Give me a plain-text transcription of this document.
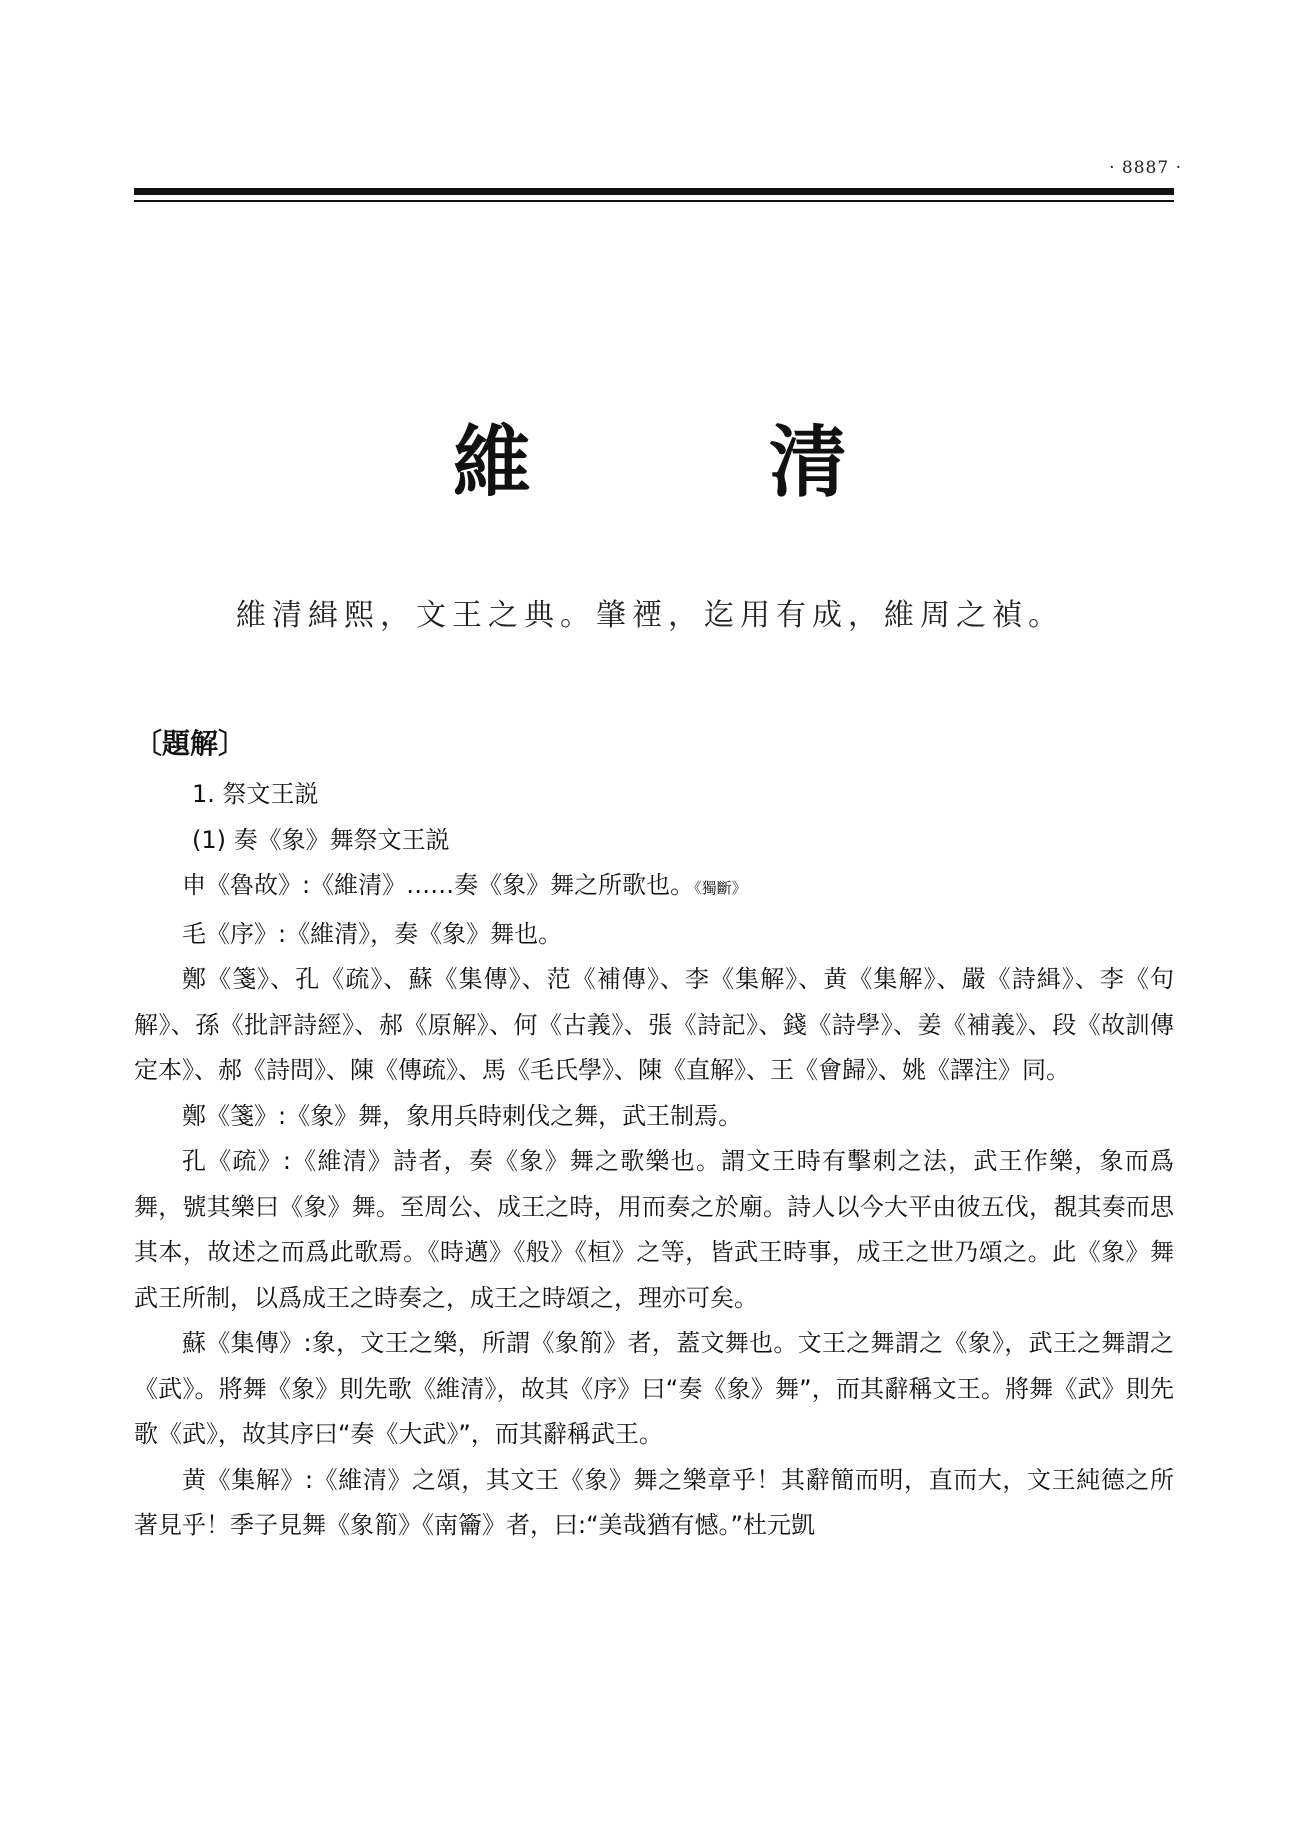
· 8887 ·
維　清
維清緝熙，文王之典。肇禋，迄用有成，維周之禎。
〔題解〕

1. 祭文王説

(1) 奏《象》舞祭文王説

申《魯故》:《維清》……奏《象》舞之所歌也。《獨斷》

毛《序》:《維清》，奏《象》舞也。

鄭《箋》、孔《疏》、蘇《集傳》、范《補傳》、李《集解》、黄《集解》、嚴《詩緝》、李《句解》、孫《批評詩經》、郝《原解》、何《古義》、張《詩記》、錢《詩學》、姜《補義》、段《故訓傳定本》、郝《詩問》、陳《傳疏》、馬《毛氏學》、陳《直解》、王《會歸》、姚《譯注》同。

鄭《箋》:《象》舞，象用兵時刺伐之舞，武王制焉。

孔《疏》:《維清》詩者，奏《象》舞之歌樂也。謂文王時有擊刺之法，武王作樂，象而爲舞，號其樂曰《象》舞。至周公、成王之時，用而奏之於廟。詩人以今大平由彼五伐，覩其奏而思其本，故述之而爲此歌焉。《時邁》《般》《桓》之等，皆武王時事，成王之世乃頌之。此《象》舞武王所制，以爲成王之時奏之，成王之時頌之，理亦可矣。

蘇《集傳》:象，文王之樂，所謂《象箾》者，蓋文舞也。文王之舞謂之《象》，武王之舞謂之《武》。將舞《象》則先歌《維清》，故其《序》曰“奏《象》舞”，而其辭稱文王。將舞《武》則先歌《武》，故其序曰“奏《大武》”，而其辭稱武王。

黄《集解》:《維清》之頌，其文王《象》舞之樂章乎！其辭簡而明，直而大，文王純德之所著見乎！季子見舞《象箾》《南籥》者，曰:“美哉猶有憾。”杜元凱
